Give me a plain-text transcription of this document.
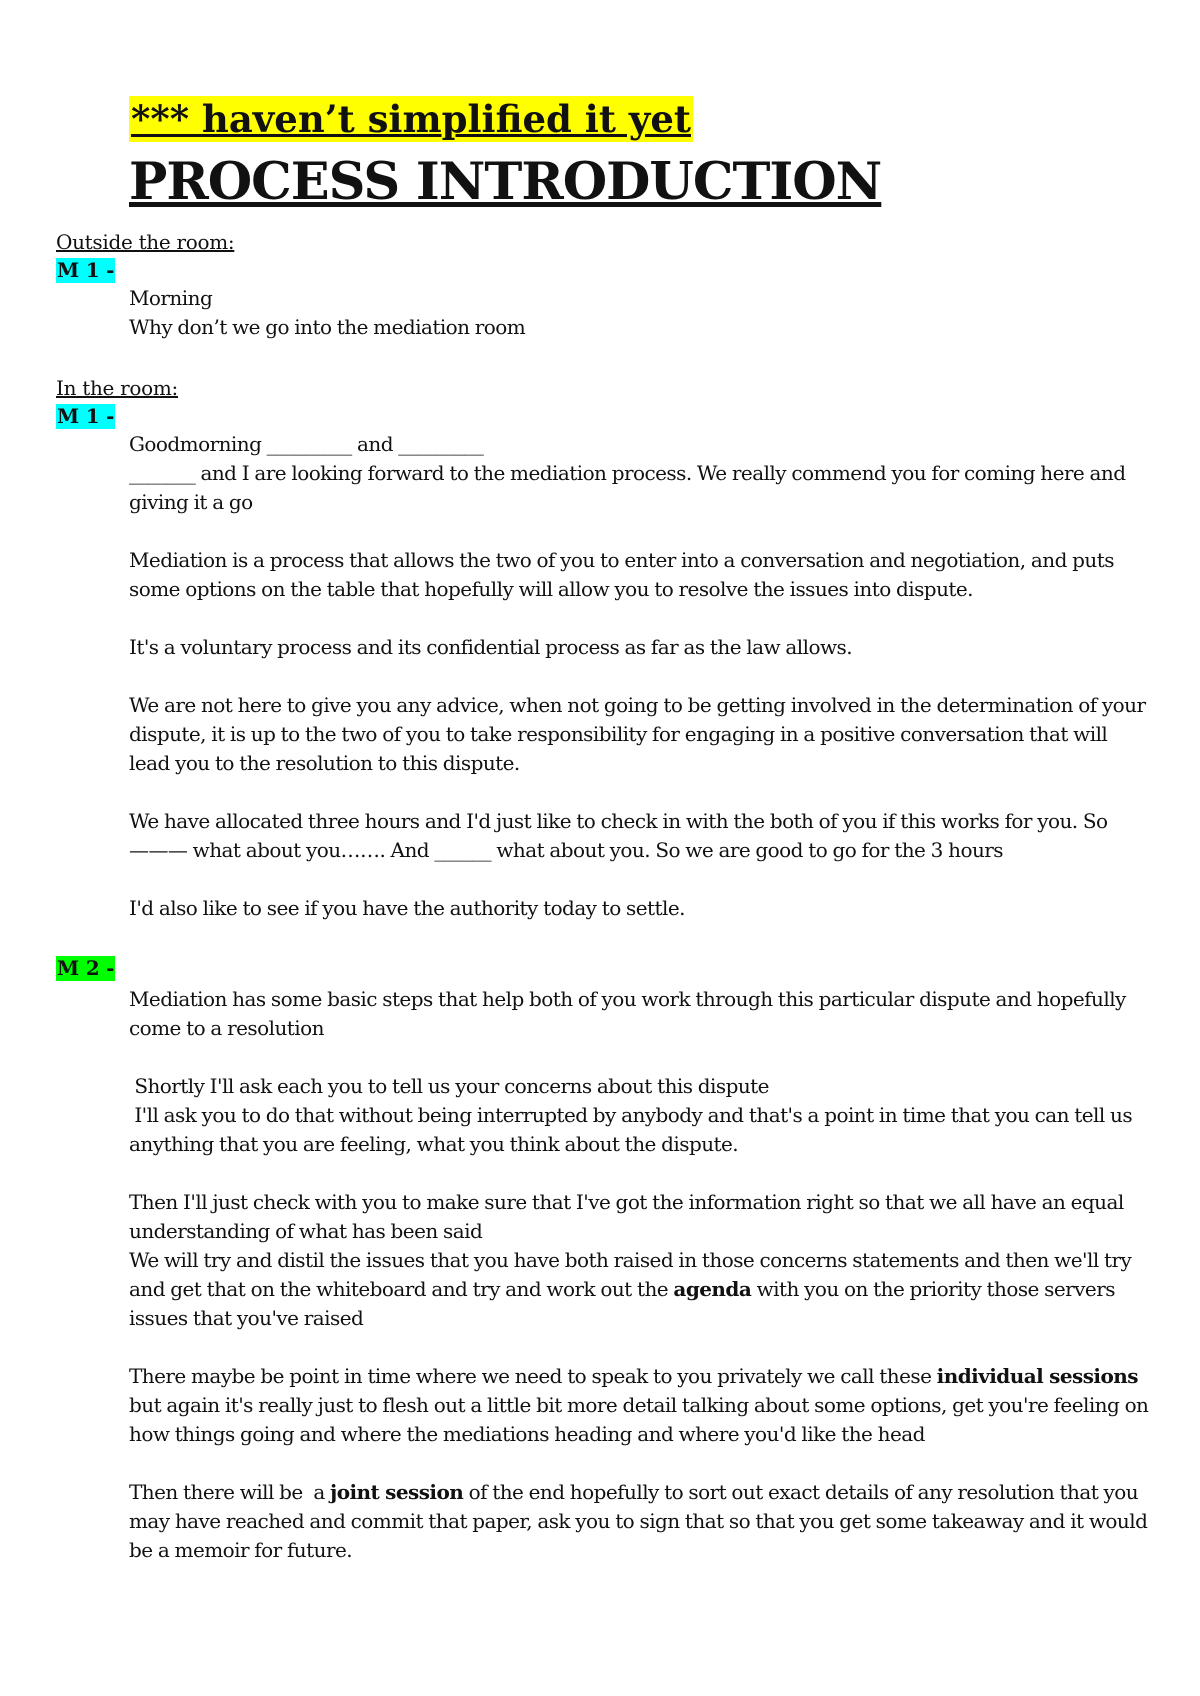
*** haven’t simplified it yet
PROCESS INTRODUCTION
Outside the room:
M 1 -

Morning

Why don’t we go into the mediation room

In the room:
M 1 -

Goodmorning _________ and _________

_______ and I are looking forward to the mediation process. We really commend you for coming here and giving it a go

Mediation is a process that allows the two of you to enter into a conversation and negotiation, and puts some options on the table that hopefully will allow you to resolve the issues into dispute.

It's a voluntary process and its confidential process as far as the law allows.

We are not here to give you any advice, when not going to be getting involved in the determination of your dispute, it is up to the two of you to take responsibility for engaging in a positive conversation that will lead you to the resolution to this dispute.

We have allocated three hours and I'd just like to check in with the both of you if this works for you. So ——— what about you……. And ______ what about you. So we are good to go for the 3 hours

I'd also like to see if you have the authority today to settle.

M 2 -

Mediation has some basic steps that help both of you work through this particular dispute and hopefully come to a resolution

Shortly I'll ask each you to tell us your concerns about this dispute

I'll ask you to do that without being interrupted by anybody and that's a point in time that you can tell us anything that you are feeling, what you think about the dispute.

Then I'll just check with you to make sure that I've got the information right so that we all have an equal understanding of what has been said

We will try and distil the issues that you have both raised in those concerns statements and then we'll try and get that on the whiteboard and try and work out the agenda with you on the priority those servers issues that you've raised

There maybe be point in time where we need to speak to you privately we call these individual sessions but again it's really just to flesh out a little bit more detail talking about some options, get you're feeling on how things going and where the mediations heading and where you'd like the head

Then there will be  a joint session of the end hopefully to sort out exact details of any resolution that you may have reached and commit that paper, ask you to sign that so that you get some takeaway and it would be a memoir for future.
